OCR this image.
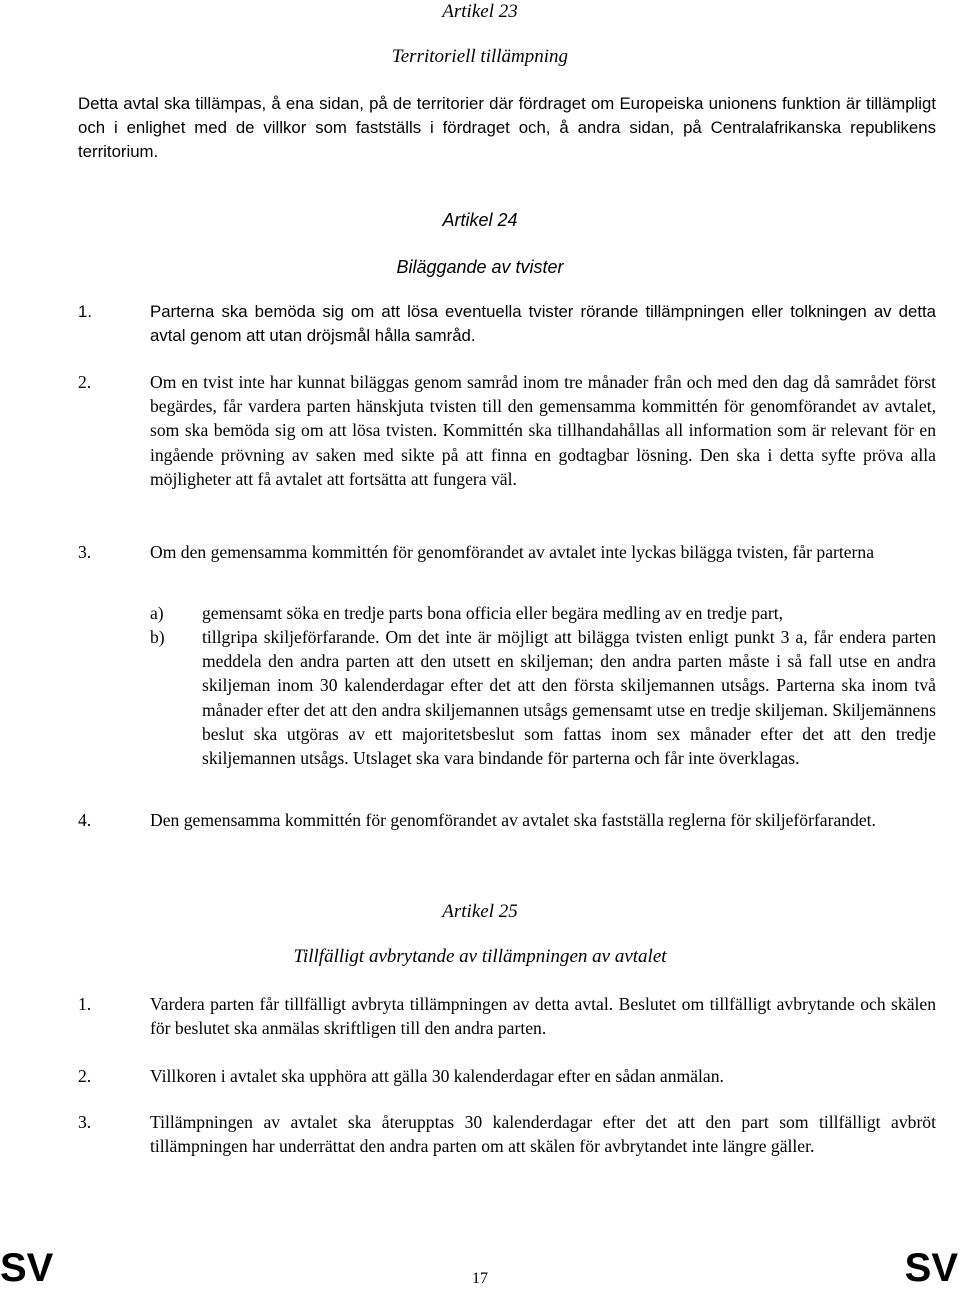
Artikel 23
Territoriell tillämpning

Detta avtal ska tillämpas, å ena sidan, på de territorier där fördraget om Europeiska unionens funktion är tillämpligt och i enlighet med de villkor som fastställs i fördraget och, å andra sidan, på Centralafrikanska republikens territorium.

Artikel 24
Biläggande av tvister
1.	Parterna ska bemöda sig om att lösa eventuella tvister rörande tillämpningen eller tolkningen av detta avtal genom att utan dröjsmål hålla samråd.

2.	Om en tvist inte har kunnat biläggas genom samråd inom tre månader från och med den dag då samrådet först begärdes, får vardera parten hänskjuta tvisten till den gemensamma kommittén för genomförandet av avtalet, som ska bemöda sig om att lösa tvisten. Kommittén ska tillhandahållas all information som är relevant för en ingående prövning av saken med sikte på att finna en godtagbar lösning. Den ska i detta syfte pröva alla möjligheter att få avtalet att fortsätta att fungera väl.

3.	Om den gemensamma kommittén för genomförandet av avtalet inte lyckas bilägga tvisten, får parterna

a) gemensamt söka en tredje parts bona officia eller begära medling av en tredje part,

b) tillgripa skiljeförfarande. Om det inte är möjligt att bilägga tvisten enligt punkt 3 a, får endera parten meddela den andra parten att den utsett en skiljeman; den andra parten måste i så fall utse en andra skiljeman inom 30 kalenderdagar efter det att den första skiljemannen utsågs. Parterna ska inom två månader efter det att den andra skiljemannen utsågs gemensamt utse en tredje skiljeman. Skiljemännens beslut ska utgöras av ett majoritetsbeslut som fattas inom sex månader efter det att den tredje skiljemannen utsågs. Utslaget ska vara bindande för parterna och får inte överklagas.

4.	Den gemensamma kommittén för genomförandet av avtalet ska fastställa reglerna för skiljeförfarandet.

Artikel 25
Tillfälligt avbrytande av tillämpningen av avtalet
1.	Vardera parten får tillfälligt avbryta tillämpningen av detta avtal. Beslutet om tillfälligt avbrytande och skälen för beslutet ska anmälas skriftligen till den andra parten.

2.	Villkoren i avtalet ska upphöra att gälla 30 kalenderdagar efter en sådan anmälan.

3.	Tillämpningen av avtalet ska återupptas 30 kalenderdagar efter det att den part som tillfälligt avbröt tillämpningen har underrättat den andra parten om att skälen för avbrytandet inte längre gäller.

SV	17	SV
